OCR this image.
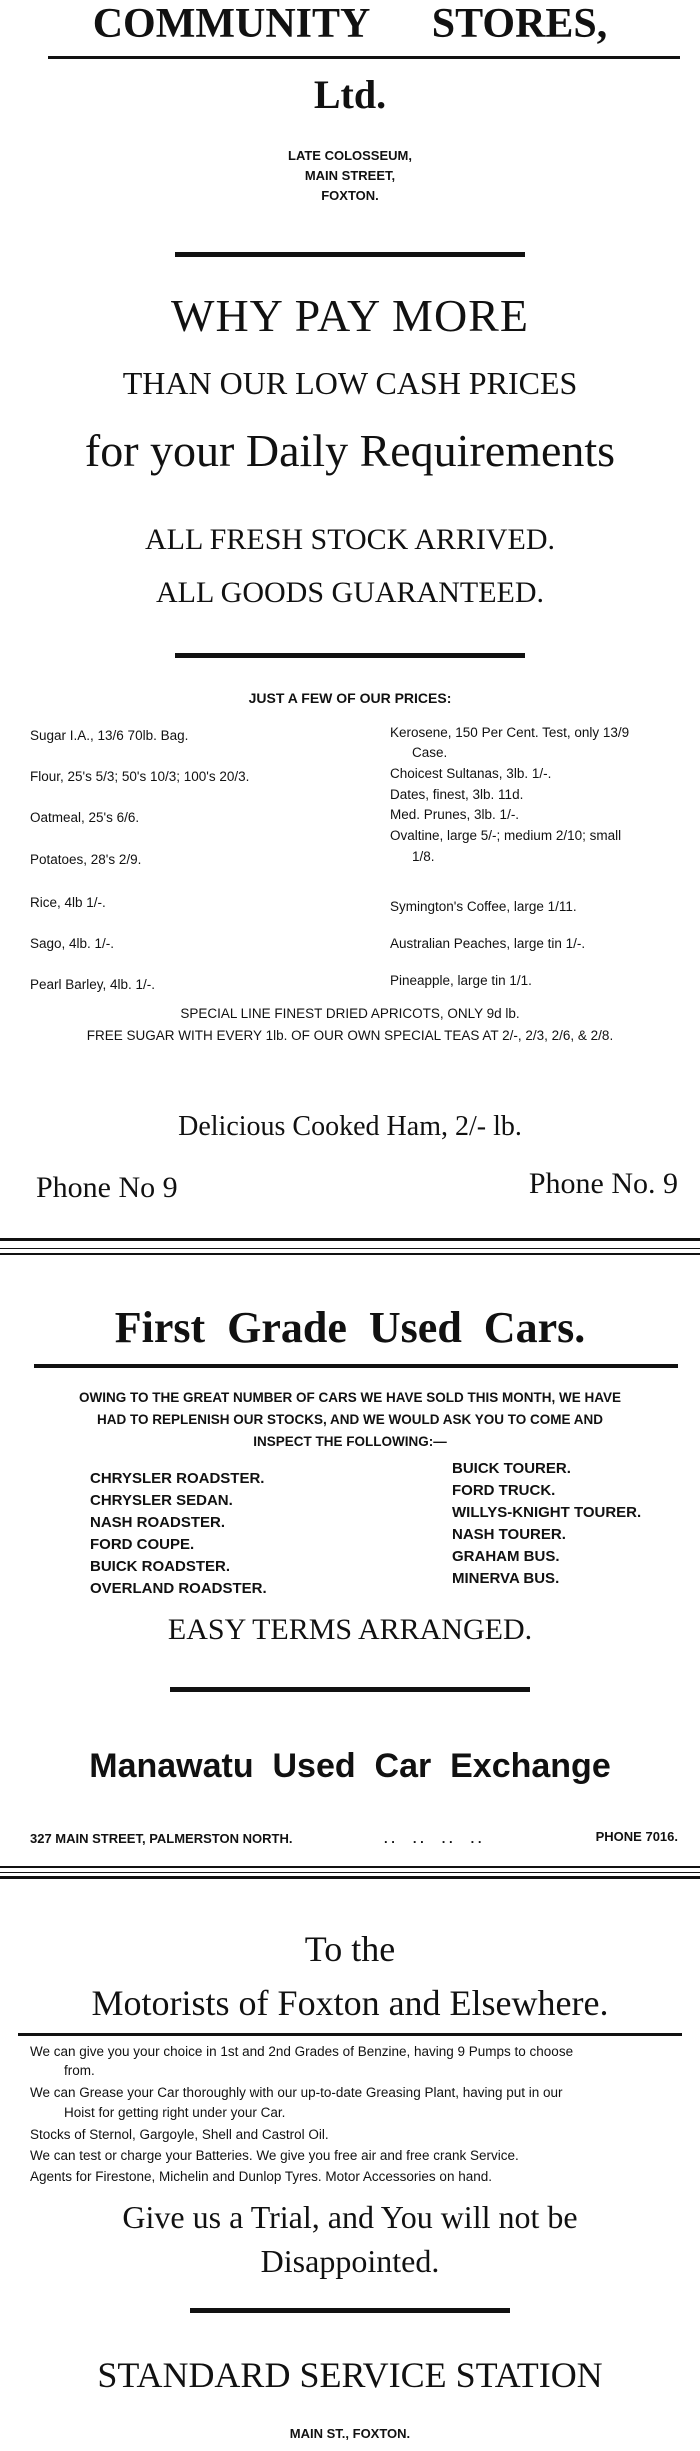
COMMUNITY      STORES,
Ltd.
LATE COLOSSEUM,
MAIN STREET,
FOXTON.
WHY PAY MORE
THAN OUR LOW CASH PRICES
for your Daily Requirements
ALL FRESH STOCK ARRIVED.
ALL GOODS GUARANTEED.
JUST A FEW OF OUR PRICES:
Sugar I.A., 13/6 70lb. Bag.
Flour, 25's 5/3; 50's 10/3; 100's 20/3.
Oatmeal, 25's 6/6.
Potatoes, 28's 2/9.
Rice, 4lb 1/-.
Sago, 4lb. 1/-.
Pearl Barley, 4lb. 1/-.
Kerosene, 150 Per Cent. Test, only 13/9
Case.
Choicest Sultanas, 3lb. 1/-.
Dates, finest, 3lb. 11d.
Med. Prunes, 3lb. 1/-.
Ovaltine, large 5/-; medium 2/10; small
1/8.
Symington's Coffee, large 1/11.
Australian Peaches, large tin 1/-.
Pineapple, large tin 1/1.
SPECIAL LINE FINEST DRIED APRICOTS, ONLY 9d lb.
FREE SUGAR WITH EVERY 1lb. OF OUR OWN SPECIAL TEAS AT 2/-, 2/3, 2/6, & 2/8.
Delicious Cooked Ham, 2/- lb.
Phone No 9	Phone No. 9
First  Grade  Used  Cars.
OWING TO THE GREAT NUMBER OF CARS WE HAVE SOLD THIS MONTH, WE HAVE
HAD TO REPLENISH OUR STOCKS, AND WE WOULD ASK YOU TO COME AND
INSPECT THE FOLLOWING:—
CHRYSLER ROADSTER.
CHRYSLER SEDAN.
NASH ROADSTER.
FORD COUPE.
BUICK ROADSTER.
OVERLAND ROADSTER.
BUICK TOURER.
FORD TRUCK.
WILLYS-KNIGHT TOURER.
NASH TOURER.
GRAHAM BUS.
MINERVA BUS.
EASY TERMS ARRANGED.
Manawatu  Used  Car  Exchange
327 MAIN STREET, PALMERSTON NORTH.	. .     . .     . .     . .	PHONE 7016.
To the
Motorists of Foxton and Elsewhere.
We can give you your choice in 1st and 2nd Grades of Benzine, having 9 Pumps to choose
from.
We can Grease your Car thoroughly with our up-to-date Greasing Plant, having put in our
Hoist for getting right under your Car.
Stocks of Sternol, Gargoyle, Shell and Castrol Oil.
We can test or charge your Batteries. We give you free air and free crank Service.
Agents for Firestone, Michelin and Dunlop Tyres. Motor Accessories on hand.
Give us a Trial, and You will not be
Disappointed.
STANDARD SERVICE STATION
MAIN ST., FOXTON.
